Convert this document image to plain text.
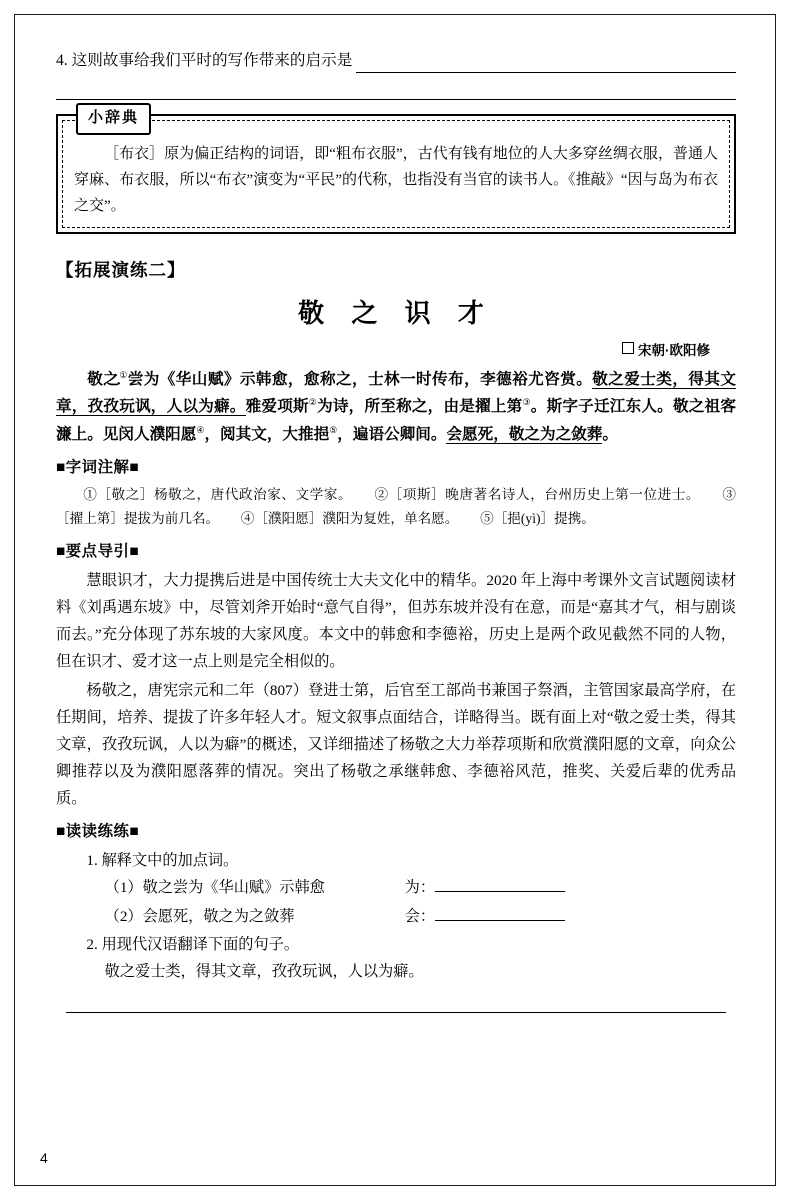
4. 这则故事给我们平时的写作带来的启示是
小辞典

［布衣］原为偏正结构的词语，即“粗布衣服”，古代有钱有地位的人大多穿丝绸衣服，普通人穿麻、布衣服，所以“布衣”演变为“平民”的代称，也指没有当官的读书人。《推敲》“因与岛为布衣之交”。

【拓展演练二】
敬 之 识 才
宋朝·欧阳修

敬之①尝为《华山赋》示韩愈，愈称之，士林一时传布，李德裕尤咨赏。敬之爱士类，得其文章，孜孜玩讽，人以为癖。雅爱项斯②为诗，所至称之，由是擢上第③。斯字子迁江东人。敬之祖客濂上。见闵人濮阳愿④，阅其文，大推挹⑤，遍语公卿间。会愿死，敬之为之敛葬。

■字词注解■

①［敬之］杨敬之，唐代政治家、文学家。 ②［项斯］晚唐著名诗人，台州历史上第一位进士。 ③［擢上第］提拔为前几名。 ④［濮阳愿］濮阳为复姓，单名愿。 ⑤［挹(yì)］提携。

■要点导引■

慧眼识才，大力提携后进是中国传统士大夫文化中的精华。2020 年上海中考课外文言试题阅读材料《刘禹遇东坡》中，尽管刘斧开始时“意气自得”，但苏东坡并没有在意，而是“嘉其才气，相与剧谈而去。”充分体现了苏东坡的大家风度。本文中的韩愈和李德裕，历史上是两个政见截然不同的人物，但在识才、爱才这一点上则是完全相似的。

杨敬之，唐宪宗元和二年（807）登进士第，后官至工部尚书兼国子祭酒，主管国家最高学府，在任期间，培养、提拔了许多年轻人才。短文叙事点面结合，详略得当。既有面上对“敬之爱士类，得其文章，孜孜玩讽，人以为癖”的概述，又详细描述了杨敬之大力举荐项斯和欣赏濮阳愿的文章，向众公卿推荐以及为濮阳愿落葬的情况。突出了杨敬之承继韩愈、李德裕风范，推奖、关爱后辈的优秀品质。

■读读练练■

1. 解释文中的加点词。

（1）敬之尝为《华山赋》示韩愈	为：
（2）会愿死，敬之为之敛葬	会：

2. 用现代汉语翻译下面的句子。

敬之爱士类，得其文章，孜孜玩讽，人以为癖。

4
